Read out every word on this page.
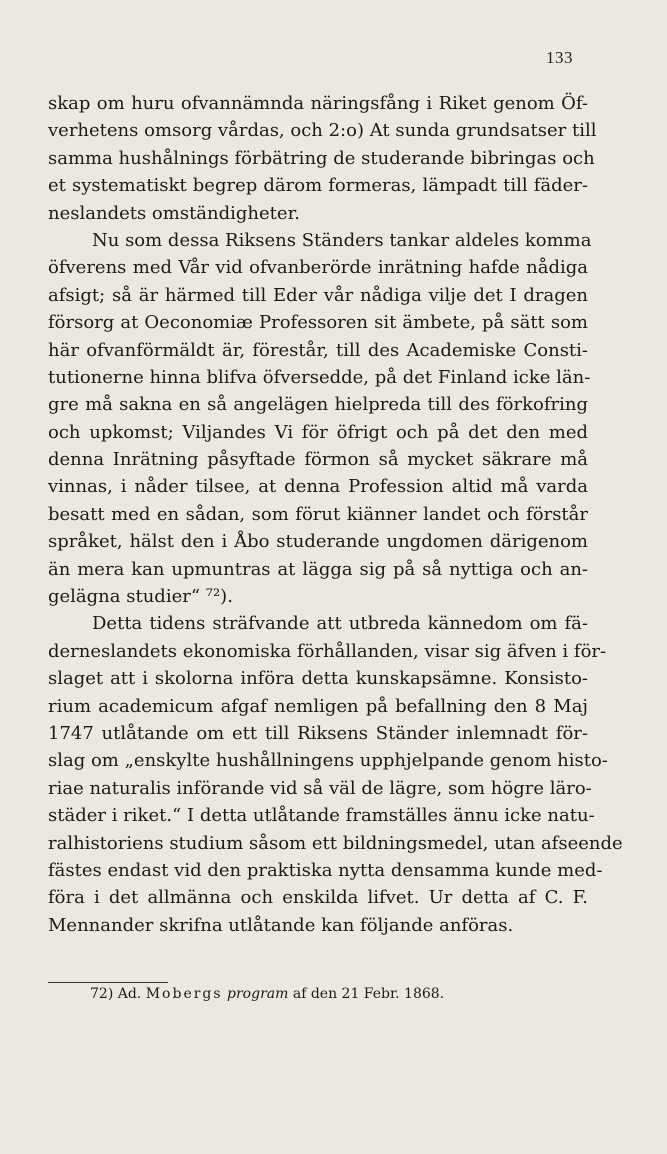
133
skap om huru ofvannämnda näringsfång i Riket genom Öf-
verhetens omsorg vårdas, och 2:o) At sunda grundsatser till
samma hushålnings förbätring de studerande bibringas och
et systematiskt begrep därom formeras, lämpadt till fäder-
neslandets omständigheter.
Nu som dessa Riksens Ständers tankar aldeles komma
öfverens med Vår vid ofvanberörde inrätning hafde nådiga
afsigt; så är härmed till Eder vår nådiga vilje det I dragen
försorg at Oeconomiæ Professoren sit ämbete, på sätt som
här ofvanförmäldt är, förestår, till des Academiske Consti-
tutionerne hinna blifva öfversedde, på det Finland icke län-
gre må sakna en så angelägen hielpreda till des förkofring
och upkomst; Viljandes Vi för öfrigt och på det den med
denna Inrätning påsyftade förmon så mycket säkrare må
vinnas, i nåder tilsee, at denna Profession altid må varda
besatt med en sådan, som förut kiänner landet och förstår
språket, hälst den i Åbo studerande ungdomen därigenom
än mera kan upmuntras at lägga sig på så nyttiga och an-
gelägna studier“ ⁷²).
Detta tidens sträfvande att utbreda kännedom om fä-
derneslandets ekonomiska förhållanden, visar sig äfven i för-
slaget att i skolorna införa detta kunskapsämne. Konsisto-
rium academicum afgaf nemligen på befallning den 8 Maj
1747 utlåtande om ett till Riksens Ständer inlemnadt för-
slag om „enskylte hushållningens upphjelpande genom histo-
riae naturalis införande vid så väl de lägre, som högre läro-
städer i riket.“ I detta utlåtande framställes ännu icke natu-
ralhistoriens studium såsom ett bildningsmedel, utan afseende
fästes endast vid den praktiska nytta densamma kunde med-
föra i det allmänna och enskilda lifvet. Ur detta af C. F.
Mennander skrifna utlåtande kan följande anföras.
72) Ad. Mobergs program af den 21 Febr. 1868.
